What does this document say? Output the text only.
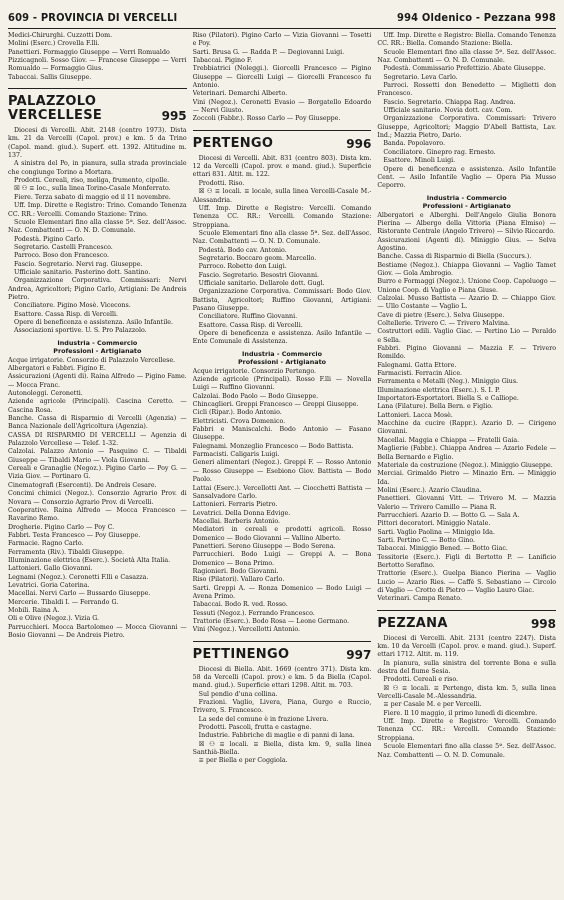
609 - PROVINCIA DI VERCELLI	994 Oldenico - Pezzana 998

Medici-Chirurghi. Cuzzotti Dom.

Molini (Eserc.) Crovella F.lli.

Panettieri. Formaggio Giuseppe — Verri Romualdo

Pizzicagnoli. Sosso Giov. — Francese Giuseppe — Verri Romualdo — Formaggio Gius.

Tabaccai. Sallis Giuseppe.

PALAZZOLO VERCELLESE	995

Diocesi di Vercelli. Abit. 2148 (centro 1973). Dista km. 21 da Vercelli (Capol. prov.) e km. 5 da Trino (Capol. mand. giud.). Superf. ett. 1392. Altitudine m. 137.

A sinistra del Po, in pianura, sulla strada provinciale che congiunge Torino a Mortara.

Prodotti. Cereali, riso, meliga, frumento, cipolle.

☒ ⚇ ≡ loc., sulla linea Torino-Casale Monferrato.

Fiere. Terza sabato di maggio ed il 11 novembre.

Uff. Imp. Dirette e Registro: Trino. Comando Tenenza CC. RR.: Vercelli. Comando Stazione: Trino.

Scuole Elementari fino alla classe 5ª. Sez. dell'Assoc. Naz. Combattenti — O. N. D. Comunale.

Podestà. Pigino Carlo.

Segretario. Castelli Francesco.

Parroco. Boso don Francesco.

Fascio. Segretario. Nervi rag. Giuseppe.

Ufficiale sanitario. Pasterino dott. Santino.

Organizzazione Corporativa. Commissari: Nervi Andrea, Agricoltori; Pigino Carlo, Artigiani: De Andreis Pietro.

Conciliatore. Pigino Mosè. Vicecons.

Esattore. Cassa Risp. di Vercelli.

Opere di beneficenza e assistenza. Asilo Infantile.

Associazioni sportive. U. S. Pro Palazzolo.

Industria - Commercio
Professioni - Artigianato

Acque irrigatorie. Consorzio di Palazzolo Vercellese.

Albergatori e Fabbri. Figino E.

Assicurazioni (Agenti di). Raina Alfredo — Pigino Fame. — Mocca Franc.

Autonoleggi. Ceronetti.

Aziende agricole (Principali). Cascina Ceretto. — Cascina Rosa.

Banche. Cassa di Risparmio di Vercelli (Agenzia) — Banca Nazionale dell'Agricoltura (Agenzia).

CASSA DI RISPARMIO DI VERCELLI — Agenzia di Palazzolo Vercellese — Telef. 1-32.

Calzolai. Palazzo Antonio — Pasquino C. — Tibaldi Giuseppe — Tibaldi Mario — Viola Giovanni.

Cereali e Granaglie (Negoz.). Pigino Carlo — Poy G. — Vizia Giov. — Portinaro G.

Cinematografi (Esercenti). De Andreis Cesare.

Concimi chimici (Negoz.). Consorzio Agrario Prov. di Novara — Consorzio Agrario Prov. di Vercelli.

Cooperative. Raina Alfredo — Mocca Francesco — Ravarino Remo.

Drogherie. Pigino Carlo — Poy C.

Fabbri. Testa Francesco — Poy Giuseppe.

Farmacie. Ragno Carlo.

Ferramenta (Riv.). Tibaldi Giuseppe.

Illuminazione elettrica (Eserc.). Società Alta Italia.

Lattonieri. Gallo Giovanni.

Legnami (Negoz.). Ceronetti F.lli e Casazza.

Levatrici. Goria Caterina.

Macellai. Nervi Carlo — Bussardo Giuseppe.

Mercerie. Tibaldi I. — Ferrando G.

Mobili. Raina A.

Oli e Olive (Negoz.). Vizia G.

Parrucchieri. Mocca Bartolomeo — Mocca Giovanni — Bosio Giovanni — De Andreis Pietro.

Riso (Pilatori). Pigino Carlo — Vizia Giovanni — Tosetti e Poy.

Sarti. Brusa G. — Radda P. — Degiovanni Luigi.

Tabaccai. Pigino F.

Trebbiatrici (Noleggi.). Giorcelli Francesco — Pigino Giuseppe — Giorcelli Luigi — Giorcelli Francesco fu Antonio.

Veterinari. Demarchi Alberto.

Vini (Negoz.). Ceronetti Evasio — Borgatello Edoardo — Nervi Giusto.

Zoccoli (Fabbr.). Rosso Carlo — Poy Giuseppe.

PERTENGO	996

Diocesi di Vercelli. Abit. 831 (centro 803). Dista km. 12 da Vercelli (Capol. prov. e mand. giud.). Superficie ettari 831. Altit. m. 122.

Prodotti. Riso.

☒ ⚇ ≡ locali. ≡ locale, sulla linea Vercelli-Casale M.-Alessandria.

Uff. Imp. Dirette e Registro: Vercelli. Comando Tenenza CC. RR.: Vercelli. Comando Stazione: Stroppiana.

Scuole Elementari fino alla classe 5ª. Sez. dell'Assoc. Naz. Combattenti — O. N. D. Comunale.

Podestà. Bodo cav. Antonio.

Segretario. Boccaro geom. Marcello.

Parroco. Robetto don Luigi.

Fascio. Segretario. Besostri Giovanni.

Ufficiale sanitario. Dellarole dott. Gugl.

Organizzazione Corporativa. Commissari: Bodo Giov. Battista, Agricoltori; Ruffino Giovanni, Artigiani: Pasano Giuseppe.

Conciliatore. Ruffino Giovanni.

Esattore. Cassa Risp. di Vercelli.

Opere di beneficenza e assistenza. Asilo Infantile — Ente Comunale di Assistenza.

Industria - Commercio
Professioni - Artigianato

Acque irrigatorie. Consorzio Pertengo.

Aziende agricole (Principali). Rosso F.lli — Novella Luigi — Ruffino Giovanni.

Calzolai. Bodo Paolo — Bodo Giuseppe.

Chincaglieri. Greppi Francesco — Greppi Giuseppe.

Cicli (Ripar.). Bodo Antonio.

Elettricisti. Crova Domenico.

Fabbri e Maniscalchi. Bodo Antonio — Fasano Giuseppe.

Falegnami. Monzeglio Francesco — Bodo Battista.

Farmacisti. Caligaris Luigi.

Generi alimentari (Negoz.). Greppi F. — Rosso Antonio — Rosso Giuseppe — Esebiono Giov. Battista — Bodo Paolo.

Lattai (Eserc.). Vercellotti Ant. — Ciocchetti Battista — Sansalvadore Carlo.

Lattonieri. Ferraris Pietro.

Levatrici. Della Donna Edvige.

Macellai. Barberis Antonio.

Mediatori in cereali e prodotti agricoli. Rosso Domenico — Bodo Giovanni — Vallino Alberto.

Panettieri. Sereno Giuseppe — Bodo Serena.

Parrucchieri. Bodo Luigi — Greppi A. — Bona Domenico — Bona Primo.

Ragionieri. Bodo Giovanni.

Riso (Pilatori). Vallaro Carlo.

Sarti. Greppi A. — Ronza Domenico — Bodo Luigi — Avena Primo.

Tabaccai. Bodo R. ved. Rosso.

Tessuti (Negoz.). Ferrando Francesco.

Trattorie (Eserc.). Bodo Rosa — Leone Germano.

Vini (Negoz.). Vercellotti Antonio.

PETTINENGO	997

Diocesi di Biella. Abit. 1669 (centro 371). Dista km. 58 da Vercelli (Capol. prov.) e km. 5 da Biella (Capol. mand. giud.). Superficie ettari 1298. Altit. m. 703.

Sul pendio d'una collina.

Frazioni. Vaglio, Livera, Piana, Gurgo e Ruccio, Trivero, S. Francesco.

La sede del comune è in frazione Livera.

Prodotti. Pascoli, frutta e castagne.

Industrie. Fabbriche di maglie e di panni di lana.

☒ ⚇ ≡ locali. ≡ Biella, dista km. 9, sulla linea Santhià-Biella.

≡ per Biella e per Coggiola.

Uff. Imp. Dirette e Registro: Biella. Comando Tenenza CC. RR.: Biella. Comando Stazione: Biella.

Scuole Elementari fino alla classe 5ª. Sez. dell'Assoc. Naz. Combattenti — O. N. D. Comunale.

Podestà. Commissario Prefettizio. Abate Giuseppe.

Segretario. Leva Carlo.

Parroci. Rossetti don Benedetto — Miglietti don Francesco.

Fascio. Segretario. Chiappa Rag. Andrea.

Ufficiale sanitario. Novia dott. cav. Com.

Organizzazione Corporativa. Commissari: Trivero Giuseppe, Agricoltori; Maggio D'Abell Battista, Lav. Ind.; Mazzia Pietro, Dario.

Banda. Popolavoro.

Conciliatore. Ginepro rag. Ernesto.

Esattore. Minoli Luigi.

Opere di beneficenza e assistenza. Asilo Infantile Cent. — Asilo Infantile Vaglio — Opera Pia Musso Ceporro.

Industria - Commercio
Professioni - Artigianato

Albergatori e Alberghi. Dell'Angelo Giulia Bonora Pierina — Albergo della Vittoria (Piana Elmiso) — Ristorante Centrale (Angelo Trivero) — Silvio Riccardo.

Assicurazioni (Agenti di). Miniggio Gius. — Selva Agostino.

Banche. Cassa di Risparmio di Biella (Succurs.).

Bestiame (Negoz.). Chiappa Giovanni — Vaglio Tamet Giov. — Gola Ambrogio.

Burro e Formaggi (Negoz.). Unione Coop. Capoluogo — Unione Coop. di Vaglio e Piana Giuse.

Calzolai. Musso Battista — Azario D. — Chiappo Giov. — Ullo Costante — Vaglio L.

Cave di pietre (Eserc.). Selva Giuseppe.

Coltellerie. Trivero C. — Trivero Malvina.

Costruttori edili. Vaglio Giac. — Pertino Lio — Peraldo e Sella.

Fabbri. Pigino Giovanni — Mazzia F. — Trivero Romildo.

Falegnami. Gatta Ettore.

Farmacisti. Ferracin Alice.

Ferramenta e Metalli (Neg.). Miniggio Gius.

Illuminazione elettrica (Eserc.). S. I. P.

Importatori-Esportatori. Biella S. e Calliope.

Lana (Filature). Bella Bern. e Figlio.

Lattonieri. Lacca Mosè.

Macchine da cucire (Rappr.). Azario D. — Cirigeno Giovanni.

Macellai. Maggia e Chiappa — Fratelli Gaia.

Maglierie (Fabbr.). Chiappa Andrea — Azario Fedele — Bella Bernardo e Figlio.

Materiale da costruzione (Negoz.). Miniggio Giuseppe.

Merciai. Grimaldo Pietro — Minazio Ern. — Miniggio Ida.

Molini (Eserc.). Azario Claudina.

Panettieri. Giovanni Vitt. — Trivero M. — Mazzia Valerio — Trivero Camillo — Piana R.

Parrucchieri. Azario D. — Botto G. — Sala A.

Pittori decoratori. Miniggio Natale.

Sarti. Vaglio Paolina — Miniggio Ida.

Sarti. Pertino C. — Botto Gino.

Tabaccai. Miniggio Bened. — Botto Giac.

Tessitorie (Eserc.). Figli di Bertotto P. — Lanificio Bertotto Serafino.

Trattorie (Eserc.). Guelpa Bianco Pierina — Vaglio Lucio — Azario Ries. — Caffè S. Sebastiano — Circolo di Vaglio — Crotto di Pietro — Vaglio Lauro Giac.

Veterinari. Campa Renato.

PEZZANA	998

Diocesi di Vercelli. Abit. 2131 (centro 2247). Dista km. 10 da Vercelli (Capol. prov. e mand. giud.). Superf. ettari 1712. Altit. m. 119.

In pianura, sulla sinistra del torrente Bona e sulla destra del fiume Sesia.

Prodotti. Cereali e riso.

☒ ⚇ ≡ locali. ≡ Pertengo, dista km. 5, sulla linea Vercelli-Casale M.-Alessandria.

≡ per Casale M. e per Vercelli.

Fiere. Il 10 maggio, il primo lunedì di dicembre.

Uff. Imp. Dirette e Registro: Vercelli. Comando Tenenza CC. RR.: Vercelli. Comando Stazione: Stroppiana.

Scuole Elementari fino alla classe 5ª. Sez. dell'Assoc. Naz. Combattenti — O. N. D. Comunale.
